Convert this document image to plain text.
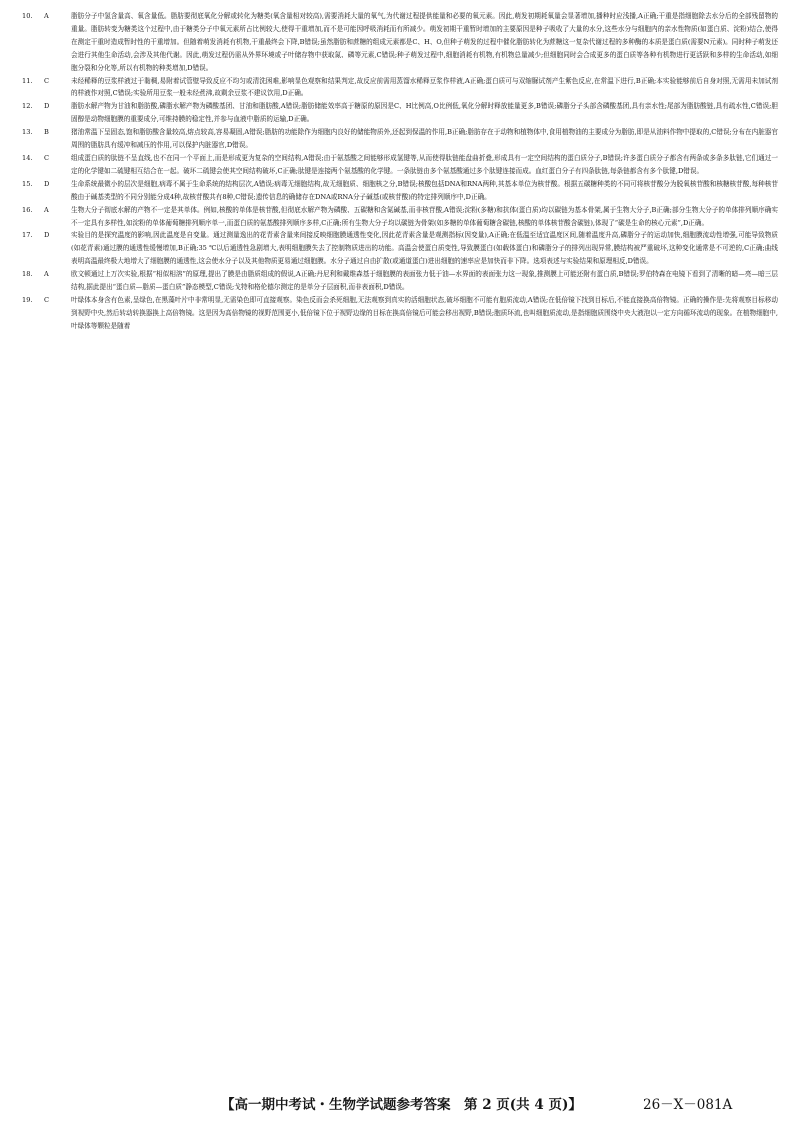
10.	A	脂肪分子中氢含量高、氧含量低。脂肪要彻底氧化分解或转化为糖类(氧含量相对较高),需要消耗大量的氧气,为代谢过程提供能量和必要的氧元素。因此,萌发初期耗氧量会显著增加,播种时应浅播,A正确;干重是指细胞除去水分后的全部残留物的重量。脂肪转变为糖类这个过程中,由于糖类分子中氧元素所占比例较大,使得干重增加,而不是可能因呼吸消耗而有所减少。萌发初期干重暂时增加的主要原因是种子吸收了大量的水分,这些水分与细胞内的亲水性物质(如蛋白质、淀粉)结合,使得在测定干重时造成暂时性的干重增加。但随着萌发消耗有机物,干重最终会下降,B错误;虽然脂肪和蔗糖的组成元素都是C、H、O,但种子萌发的过程中催化脂肪转化为蔗糖这一复杂代谢过程的多种酶的本质是蛋白质(需要N元素)。同时种子萌发还会进行其他生命活动,会涉及其他代谢。因此,萌发过程仍需从外界环境或子叶储存物中获取氮、磷等元素,C错误;种子萌发过程中,细胞消耗有机物,有机物总量减少;但细胞同时会合成更多的蛋白质等各种有机物进行更活跃和多样的生命活动,如细胞分裂和分化等,所以有机物的种类增加,D错误。
11.	C	未经稀释的豆浆样液过于黏稠,易附着试管壁导致反应不均匀或清洗困难,影响显色观察和结果判定,故反应前需用蒸馏水稀释豆浆作样液,A正确;蛋白质可与双缩脲试剂产生紫色反应,在常温下进行,B正确;本实验能够前后自身对照,无需用未加试剂的样液作对照,C错误;实验所用豆浆一般未经煮沸,故剩余豆浆不建议饮用,D正确。
12.	D	脂肪水解产物为甘油和脂肪酸,磷脂水解产物为磷酸基团、甘油和脂肪酸,A错误;脂肪储能效率高于糖原的原因是C、H比例高,O比例低,氧化分解时释放能量更多,B错误;磷脂分子头部含磷酸基团,具有亲水性;尾部为脂肪酸链,具有疏水性,C错误;胆固醇是动物细胞膜的重要成分,可维持膜的稳定性,并参与血液中脂质的运输,D正确。
13.	B	猪油常温下呈固态,饱和脂肪酸含量较高,熔点较高,容易凝固,A错误;脂肪的功能除作为细胞内良好的储能物质外,还起到保温的作用,B正确;脂肪存在于动物和植物体中,食用植物油的主要成分为脂肪,即是从油料作物中提取的,C错误;分布在内脏器官周围的脂肪具有缓冲和减压的作用,可以保护内脏器官,D错误。
14.	C	组成蛋白质的肽链不呈直线,也不在同一个平面上,而是形成更为复杂的空间结构,A错误;由于氨基酸之间能够形成氢键等,从而使得肽链能盘曲折叠,形成具有一定空间结构的蛋白质分子,B错误;许多蛋白质分子都含有两条或多条多肽链,它们通过一定的化学键如二硫键相互结合在一起。破坏二硫键会使其空间结构破坏,C正确;肽键是连接两个氨基酸的化学键。一条肽链由多个氨基酸通过多个肽键连接而成。血红蛋白分子有四条肽链,每条链都含有多个肽键,D错误。
15.	D	生命系统最微小的层次是细胞,病毒不属于生命系统的结构层次,A错误;病毒无细胞结构,故无细胞质、细胞核之分,B错误;核酸包括DNA和RNA两种,其基本单位为核苷酸。根据五碳糖种类的不同可将核苷酸分为脱氧核苷酸和核糖核苷酸,每种核苷酸由于碱基类型的不同分别能分成4种,故核苷酸共有8种,C错误;遗传信息的确储存在DNA或RNA分子碱基(或核苷酸)的特定排列顺序中,D正确。
16.	A	生物大分子彻底水解的产物不一定是其单体。例如,核酸的单体是核苷酸,但彻底水解产物为磷酸、五碳糖和含氮碱基,而非核苷酸,A错误;淀粉(多糖)和抗体(蛋白质)均以碳链为基本骨架,属于生物大分子,B正确;部分生物大分子的单体排列顺序确实不一定具有多样性,如淀粉的单体葡萄糖排列顺序单一,而蛋白质的氨基酸排列顺序多样,C正确;所有生物大分子均以碳链为骨架(如多糖的单体葡萄糖含碳链,核酸的单体核苷酸含碳链),体现了“碳是生命的核心元素”,D正确。
17.	D	实验目的是探究温度的影响,因此温度是自变量。通过测量逸出的花青素含量来间接反映细胞膜通透性变化,因此花青素含量是观测指标(因变量),A正确;在低温至适宜温度区间,随着温度升高,磷脂分子的运动加快,细胞膜流动性增强,可能导致物质(如花青素)通过膜的通透性缓慢增加,B正确;35 ℃以后通透性急剧增大,表明细胞膜失去了控制物质进出的功能。高温会使蛋白质变性,导致膜蛋白(如载体蛋白)和磷脂分子的排列出现异常,膜结构被严重破坏,这种变化通常是不可逆的,C正确;曲线表明高温最终极大地增大了细胞膜的通透性,这会使水分子以及其他物质更易通过细胞膜。水分子通过自由扩散(或通道蛋白)进出细胞的速率应是加快而非下降。选项表述与实验结果和原理相反,D错误。
18.	A	欧文顿通过上万次实验,根据“相似相溶”的原理,提出了膜是由脂质组成的假说,A正确;丹尼利和戴维森基于细胞膜的表面张力低于油—水界面的表面张力这一现象,推测膜上可能还附有蛋白质,B错误;罗伯特森在电镜下看到了清晰的暗—亮—暗三层结构,据此提出“蛋白质—脂质—蛋白质”静态模型,C错误;戈特和格伦德尔测定的是单分子层面积,而非表面积,D错误。
19.	C	叶绿体本身含有色素,呈绿色,在黑藻叶片中非常明显,无需染色即可直接观察。染色反而会杀死细胞,无法观察到真实的活细胞状态,破坏细胞不可能有胞质流动,A错误;在低倍镜下找到目标后,不能直接换高倍物镜。正确的操作是:先将观察目标移动到视野中央,然后转动转换器换上高倍物镜。这是因为高倍物镜的视野范围更小,低倍镜下位于视野边缘的目标在换高倍镜后可能会移出视野,B错误;胞质环流,也叫细胞质流动,是指细胞质围绕中央大液泡以一定方向循环流动的现象。在植物细胞中,叶绿体等颗粒是随着
【高一期中考试・生物学试题参考答案　第 2 页(共 4 页)】	26－X－081A
